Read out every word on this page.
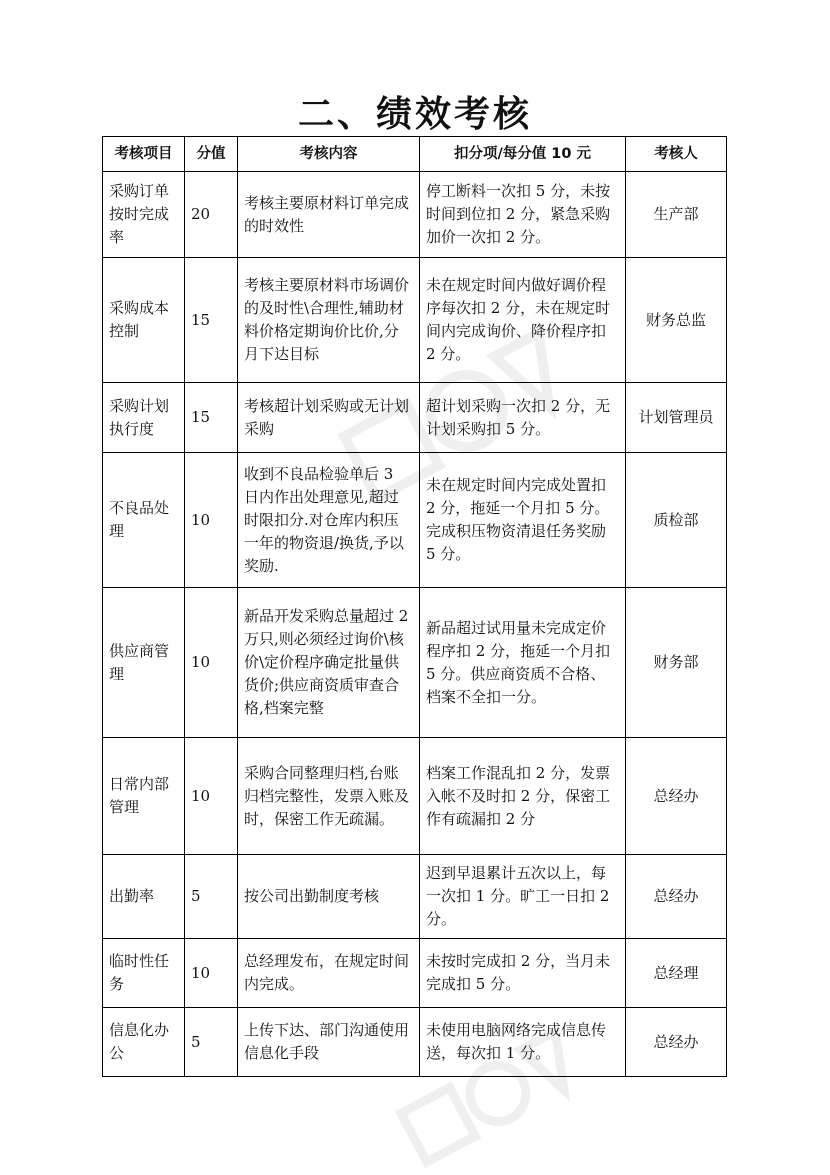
二、绩效考核
考核项目	分值	考核内容	扣分项/每分值 10 元	考核人
采购订单按时完成率	20	考核主要原材料订单完成的时效性	停工断料一次扣 5 分，未按时间到位扣 2 分，紧急采购加价一次扣 2 分。	生产部
采购成本控制	15	考核主要原材料市场调价的及时性\合理性,辅助材料价格定期询价比价,分月下达目标	未在规定时间内做好调价程序每次扣 2 分，未在规定时间内完成询价、降价程序扣 2 分。	财务总监
采购计划执行度	15	考核超计划采购或无计划采购	超计划采购一次扣 2 分，无计划采购扣 5 分。	计划管理员
不良品处理	10	收到不良品检验单后 3 日内作出处理意见,超过时限扣分.对仓库内积压一年的物资退/换货,予以奖励.	未在规定时间内完成处置扣 2 分，拖延一个月扣 5 分。完成积压物资清退任务奖励 5 分。	质检部
供应商管理	10	新品开发采购总量超过 2 万只,则必须经过询价\核价\定价程序确定批量供货价;供应商资质审查合格,档案完整	新品超过试用量未完成定价程序扣 2 分，拖延一个月扣 5 分。供应商资质不合格、档案不全扣一分。	财务部
日常内部管理	10	采购合同整理归档,台账归档完整性，发票入账及时，保密工作无疏漏。	档案工作混乱扣 2 分，发票入帐不及时扣 2 分，保密工作有疏漏扣 2 分	总经办
出勤率	5	按公司出勤制度考核	迟到早退累计五次以上，每一次扣 1 分。旷工一日扣 2 分。	总经办
临时性任务	10	总经理发布，在规定时间内完成。	未按时完成扣 2 分，当月未完成扣 5 分。	总经理
信息化办公	5	上传下达、部门沟通使用信息化手段	未使用电脑网络完成信息传送，每次扣 1 分。	总经办
